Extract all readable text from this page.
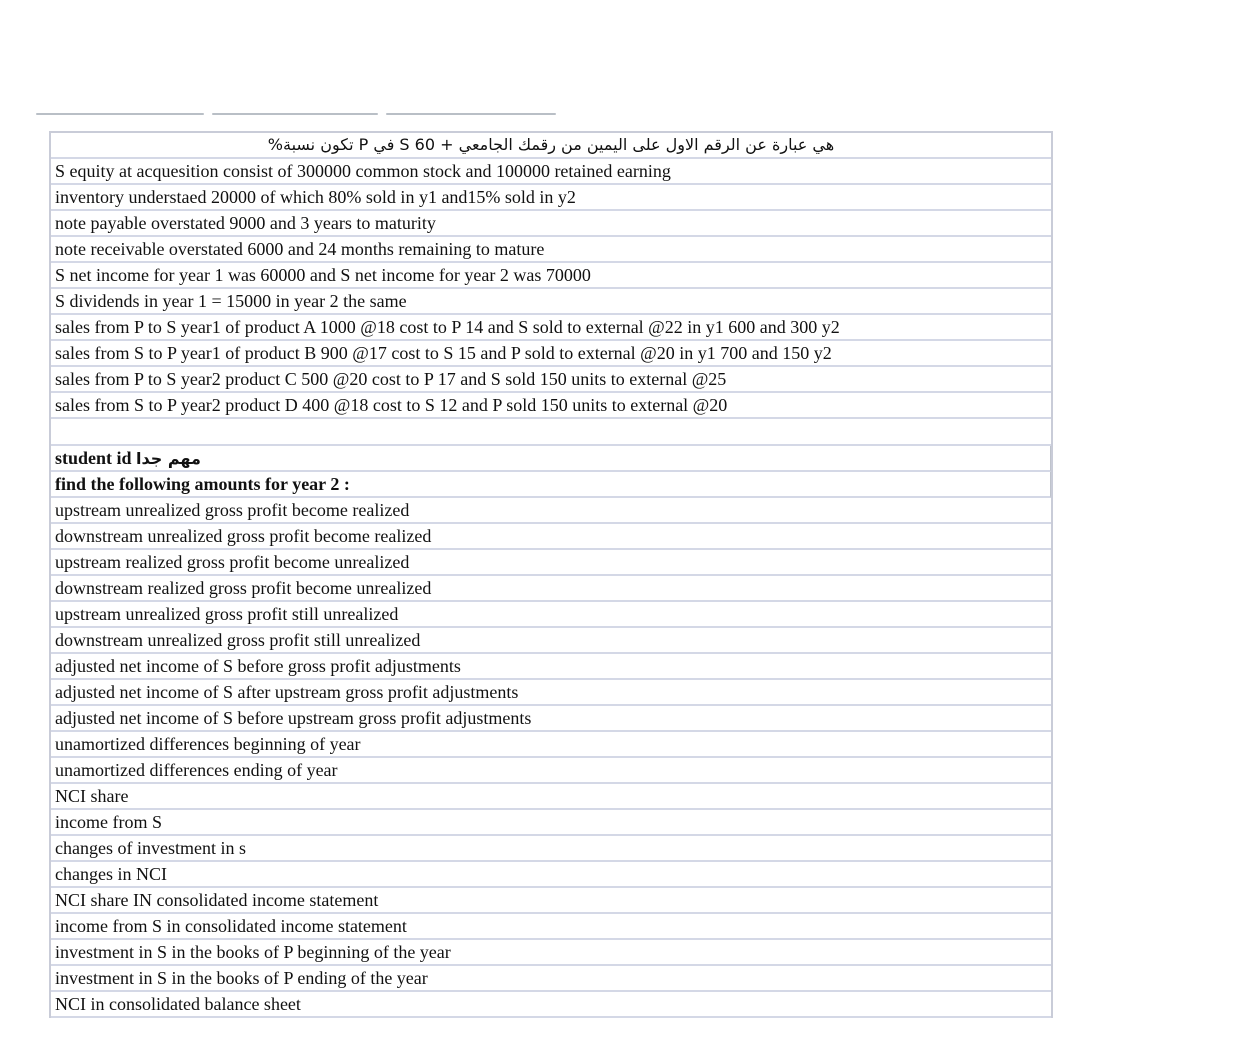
هي عبارة عن الرقم الاول على اليمين من رقمك الجامعي + 60 S في P تكون نسبة%
S equity at acquesition consist of 300000 common stock and 100000 retained earning
inventory understaed 20000 of which 80% sold in y1 and15% sold in y2
note payable overstated 9000 and 3 years to maturity
note receivable overstated 6000 and 24 months remaining to mature
S net income for year 1 was 60000 and S net income for year 2 was 70000
S dividends in year 1 = 15000 in year 2 the same
sales from P to S year1 of product A 1000 @18 cost to P 14 and S sold to external @22 in y1 600 and 300 y2
sales from S to P year1 of product B 900 @17 cost to S 15 and P sold to external @20 in y1 700 and 150 y2
sales from P to S year2 product C 500 @20 cost to P 17 and S sold 150 units to external @25
sales from S to P year2 product D 400 @18 cost to S 12 and P sold 150 units to external @20
student id مهم جدا
find the following amounts for year 2 :
upstream unrealized gross profit become realized
downstream unrealized gross profit become realized
upstream realized gross profit become unrealized
downstream realized gross profit become unrealized
upstream unrealized gross profit still unrealized
downstream unrealized gross profit still unrealized
adjusted net income of S before gross profit adjustments
adjusted net income of S after upstream gross profit adjustments
adjusted net income of S before upstream gross profit adjustments
unamortized differences beginning of year
unamortized differences ending of year
NCI share
income from S
changes of investment in s
changes in NCI
NCI share IN consolidated income statement
income from S in consolidated income statement
investment in S in the books of P beginning of the year
investment in S in the books of P ending of the year
NCI in consolidated balance sheet
